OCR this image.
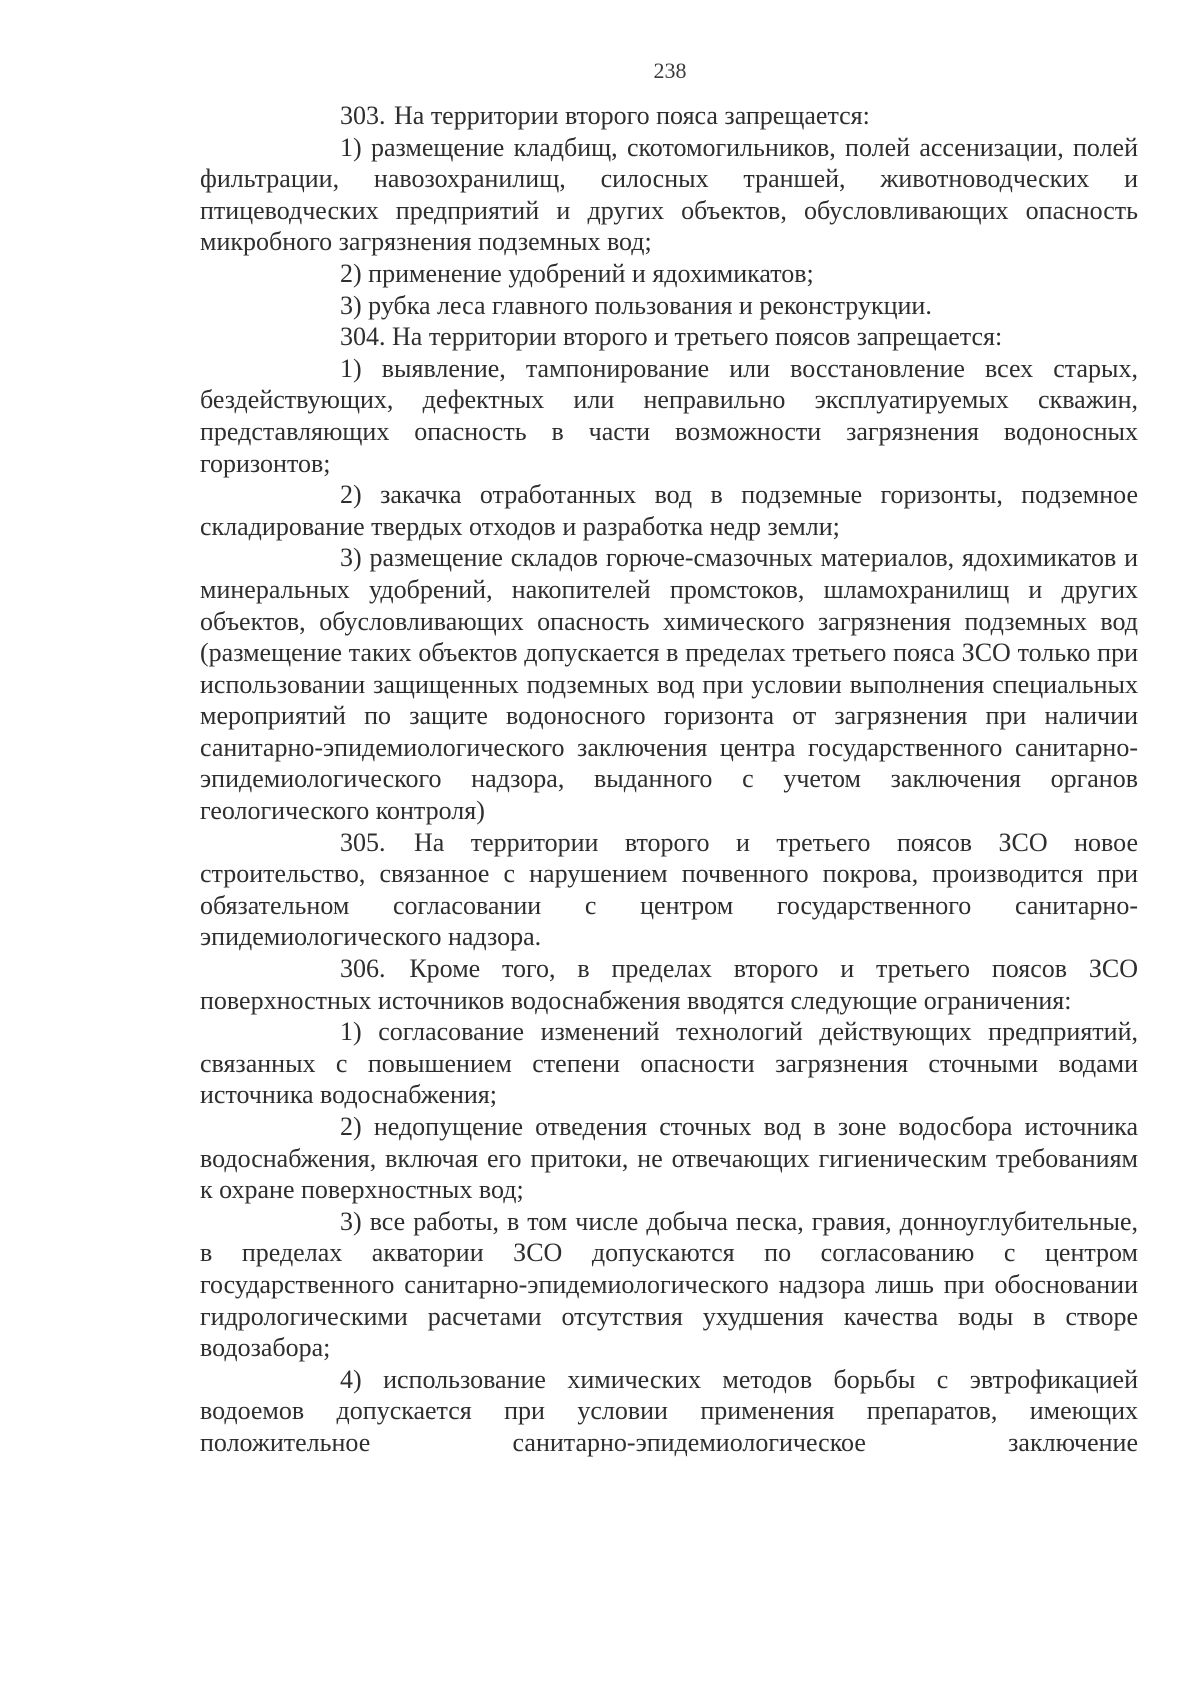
238

303. На территории второго пояса запрещается:

1) размещение кладбищ, скотомогильников, полей ассенизации, полей фильтрации, навозохранилищ, силосных траншей, животноводческих и птицеводческих предприятий и других объектов, обусловливающих опасность микробного загрязнения подземных вод;

2) применение удобрений и ядохимикатов;

3) рубка леса главного пользования и реконструкции.

304. На территории второго и третьего поясов запрещается:

1) выявление, тампонирование или восстановление всех старых, бездействующих, дефектных или неправильно эксплуатируемых скважин, представляющих опасность в части возможности загрязнения водоносных горизонтов;

2) закачка отработанных вод в подземные горизонты, подземное складирование твердых отходов и разработка недр земли;

3) размещение складов горюче-смазочных материалов, ядохимикатов и минеральных удобрений, накопителей промстоков, шламохранилищ и других объектов, обусловливающих опасность химического загрязнения подземных вод (размещение таких объектов допускается в пределах третьего пояса ЗСО только при использовании защищенных подземных вод при условии выполнения специальных мероприятий по защите водоносного горизонта от загрязнения при наличии санитарно-эпидемиологического заключения центра государственного санитарно-эпидемиологического надзора, выданного с учетом заключения органов геологического контроля)

305. На территории второго и третьего поясов ЗСО новое строительство, связанное с нарушением почвенного покрова, производится при обязательном согласовании с центром государственного санитарно-эпидемиологического надзора.

306. Кроме того, в пределах второго и третьего поясов ЗСО поверхностных источников водоснабжения вводятся следующие ограничения:

1) согласование изменений технологий действующих предприятий, связанных с повышением степени опасности загрязнения сточными водами источника водоснабжения;

2) недопущение отведения сточных вод в зоне водосбора источника водоснабжения, включая его притоки, не отвечающих гигиеническим требованиям к охране поверхностных вод;

3) все работы, в том числе добыча песка, гравия, донноуглубительные, в пределах акватории ЗСО допускаются по согласованию с центром государственного санитарно-эпидемиологического надзора лишь при обосновании гидрологическими расчетами отсутствия ухудшения качества воды в створе водозабора;

4) использование химических методов борьбы с эвтрофикацией водоемов допускается при условии применения препаратов, имеющих положительное санитарно-эпидемиологическое заключение
